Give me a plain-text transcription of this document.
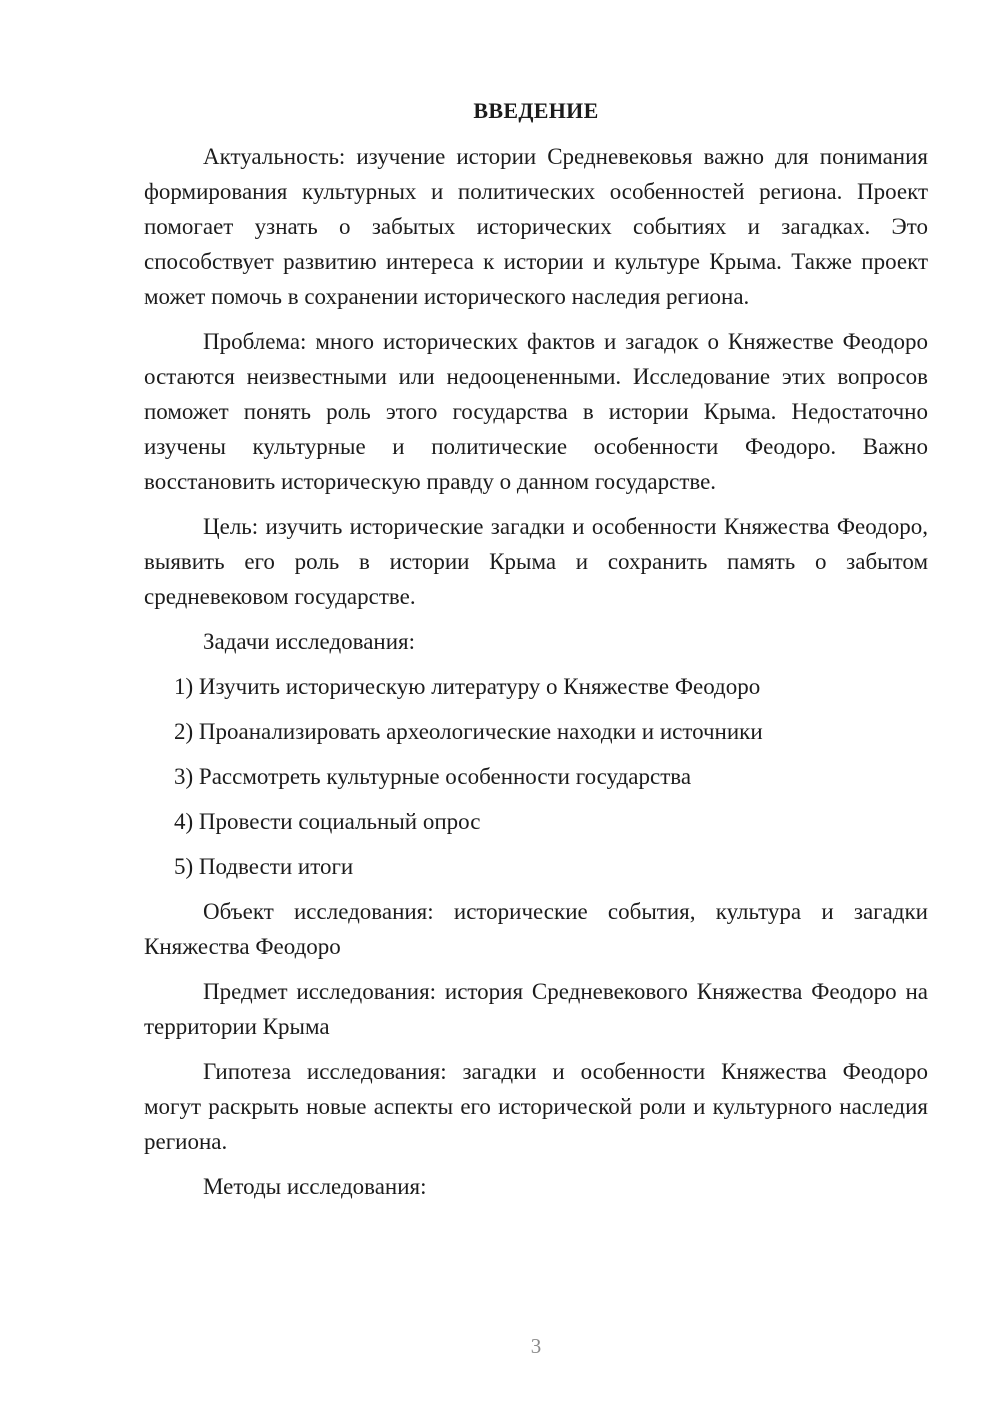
ВВЕДЕНИЕ

Актуальность: изучение истории Средневековья важно для понимания формирования культурных и политических особенностей региона. Проект помогает узнать о забытых исторических событиях и загадках. Это способствует развитию интереса к истории и культуре Крыма. Также проект может помочь в сохранении исторического наследия региона.

Проблема: много исторических фактов и загадок о Княжестве Феодоро остаются неизвестными или недооцененными. Исследование этих вопросов поможет понять роль этого государства в истории Крыма. Недостаточно изучены культурные и политические особенности Феодоро. Важно восстановить историческую правду о данном государстве.

Цель: изучить исторические загадки и особенности Княжества Феодоро, выявить его роль в истории Крыма и сохранить память о забытом средневековом государстве.

Задачи исследования:

1) Изучить историческую литературу о Княжестве Феодоро
2) Проанализировать археологические находки и источники
3) Рассмотреть культурные особенности государства
4) Провести социальный опрос
5) Подвести итоги

Объект исследования: исторические события, культура и загадки Княжества Феодоро

Предмет исследования: история Средневекового Княжества Феодоро на территории Крыма

Гипотеза исследования: загадки и особенности Княжества Феодоро могут раскрыть новые аспекты его исторической роли и культурного наследия региона.

Методы исследования:

3
